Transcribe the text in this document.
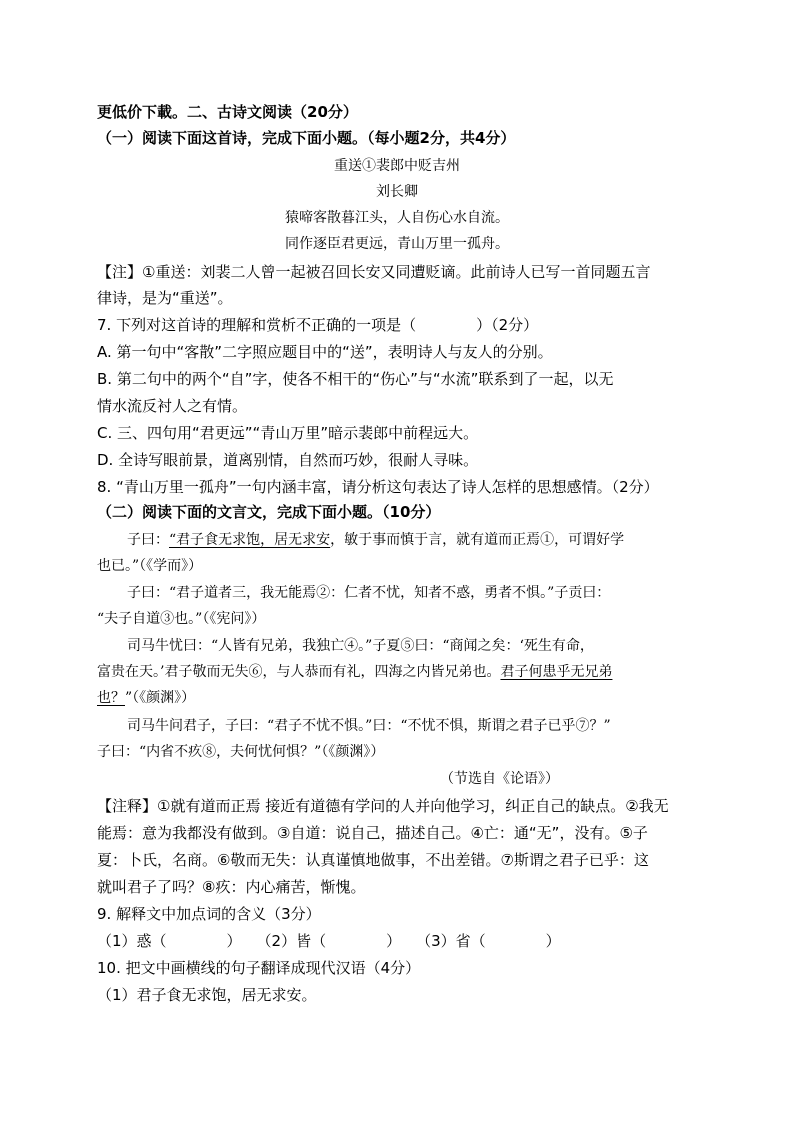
更低价下載。二、古诗文阅读（20分）
（一）阅读下面这首诗，完成下面小题。（每小题2分，共4分）
重送①裴郎中贬吉州
刘长卿
猿啼客散暮江头，人自伤心水自流。
同作逐臣君更远，青山万里一孤舟。
【注】①重送：刘裴二人曾一起被召回长安又同遭贬谪。此前诗人已写一首同题五言
律诗，是为“重送”。
7. 下列对这首诗的理解和赏析不正确的一项是（　　　　）（2分）
A. 第一句中“客散”二字照应题目中的“送”，表明诗人与友人的分别。
B. 第二句中的两个“自”字，使各不相干的“伤心”与“水流”联系到了一起，以无
情水流反衬人之有情。
C. 三、四句用“君更远”“青山万里”暗示裴郎中前程远大。
D. 全诗写眼前景，道离别情，自然而巧妙，很耐人寻味。
8. “青山万里一孤舟”一句内涵丰富，请分析这句表达了诗人怎样的思想感情。（2分）
（二）阅读下面的文言文，完成下面小题。（10分）
子曰：“君子食无求饱，居无求安，敏于事而慎于言，就有道而正焉①，可谓好学
也已。”（《学而》）
子曰：“君子道者三，我无能焉②：仁者不忧，知者不惑，勇者不惧。”子贡曰：
“夫子自道③也。”（《宪问》）
司马牛忧曰：“人皆有兄弟，我独亡④。”子夏⑤曰：“商闻之矣：‘死生有命，
富贵在天。’君子敬而无失⑥，与人恭而有礼，四海之内皆兄弟也。君子何患乎无兄弟
也？”（《颜渊》）
司马牛问君子，子曰：“君子不忧不惧。”曰：“不忧不惧，斯谓之君子已乎⑦？”
子曰：“内省不疚⑧，夫何忧何惧？”（《颜渊》）
（节选自《论语》）
【注释】①就有道而正焉 接近有道德有学问的人并向他学习，纠正自己的缺点。②我无
能焉：意为我都没有做到。③自道：说自己，描述自己。④亡：通“无”，没有。⑤子
夏：卜氏，名商。⑥敬而无失：认真谨慎地做事，不出差错。⑦斯谓之君子已乎：这
就叫君子了吗？⑧疚：内心痛苦，惭愧。
9. 解释文中加点词的含义（3分）
（1）惑（　　　　）　　（2）皆（　　　　）　　（3）省（　　　　）
10. 把文中画横线的句子翻译成现代汉语（4分）
（1）君子食无求饱，居无求安。
